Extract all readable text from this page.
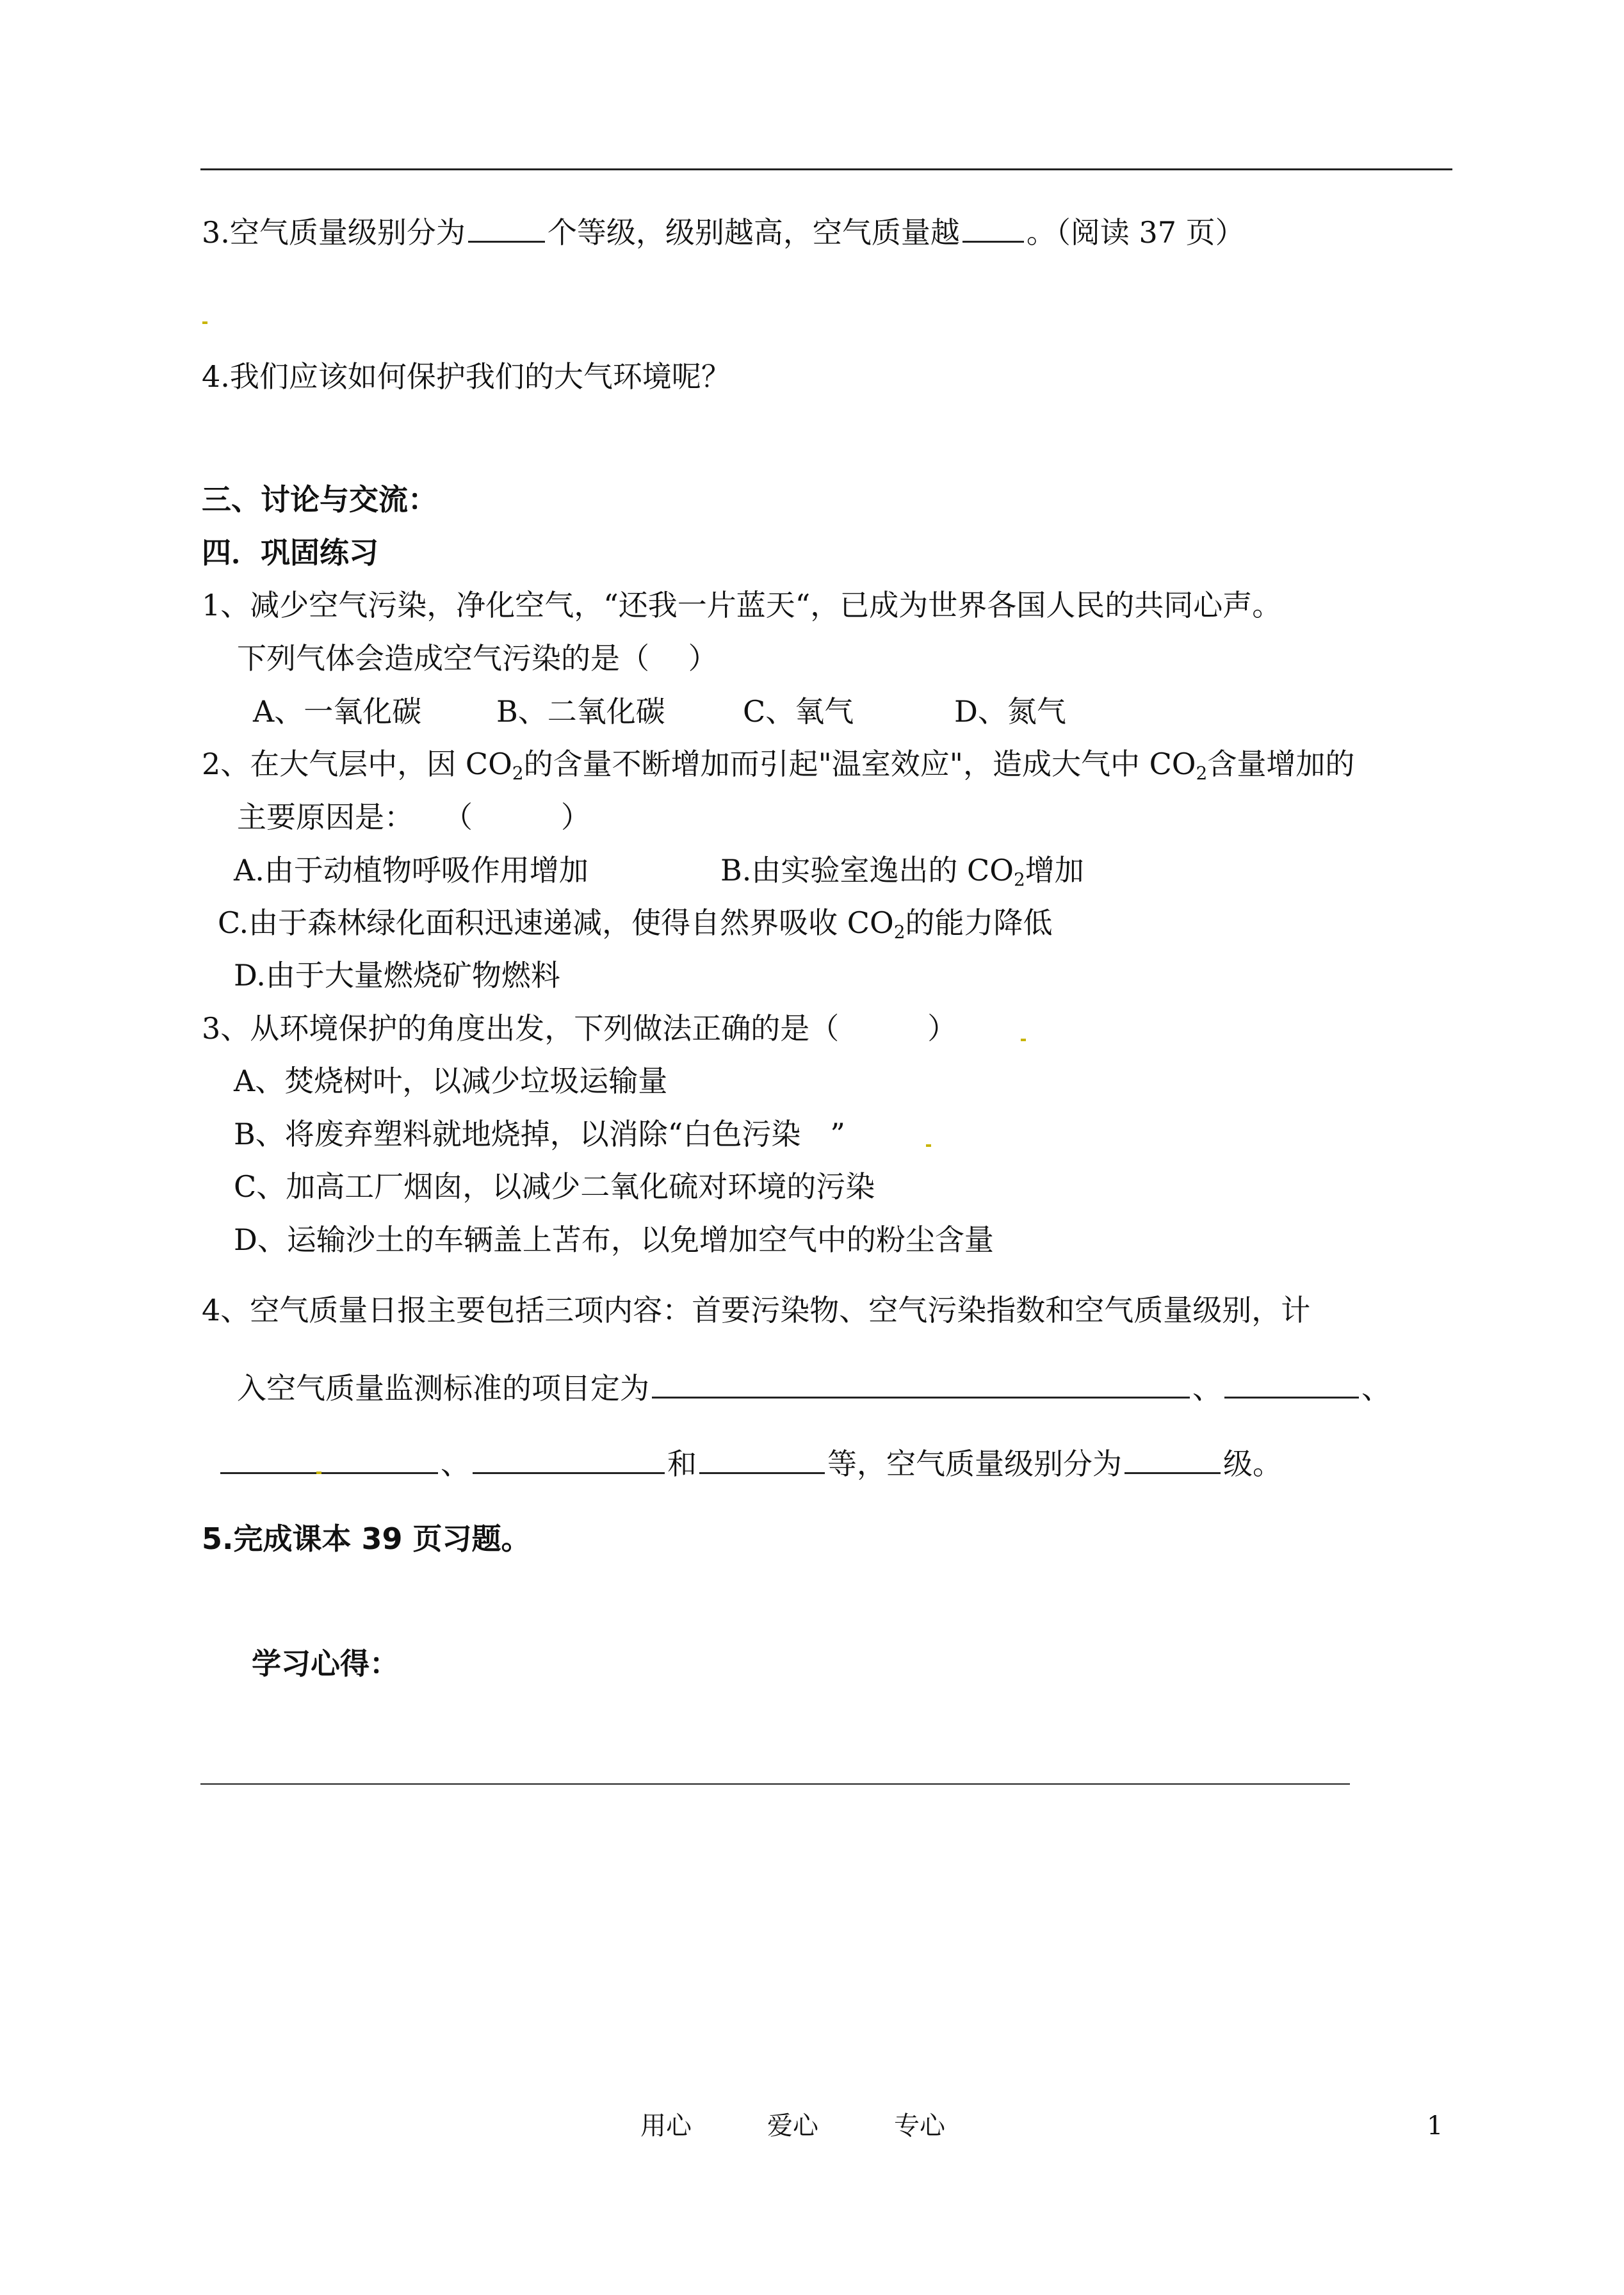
3.空气质量级别分为	个等级，级别越高，空气质量越 。（阅读 37 页）
4.我们应该如何保护我们的大气环境呢？
三、讨论与交流：
四．巩固练习
1、减少空气污染，净化空气，“还我一片蓝天“，已成为世界各国人民的共同心声。
下列气体会造成空气污染的是（　 ）
A、一氧化碳	B、二氧化碳	C、氧气	D、氮气
2、在大气层中，因 $CO_2$的含量不断增加而引起"温室效应"，造成大气中 $CO_2$含量增加的
主要原因是：　　（　　　）
A.由于动植物呼吸作用增加	B.由实验室逸出的 $CO_2$增加
C.由于森林绿化面积迅速递减，使得自然界吸收 $CO_2$的能力降低
D.由于大量燃烧矿物燃料
3、从环境保护的角度出发，下列做法正确的是（　　　）
A、焚烧树叶，以减少垃圾运输量
B、将废弃塑料就地烧掉，以消除“白色污染　”
C、加高工厂烟囱，以减少二氧化硫对环境的污染
D、运输沙土的车辆盖上苫布，以免增加空气中的粉尘含量
4、空气质量日报主要包括三项内容：首要污染物、空气污染指数和空气质量级别，计
入空气质量监测标准的项目定为	、	、
、	和	等，空气质量级别分为	级。
5.完成课本 39 页习题。
学习心得：
用心	爱心	专心	1
